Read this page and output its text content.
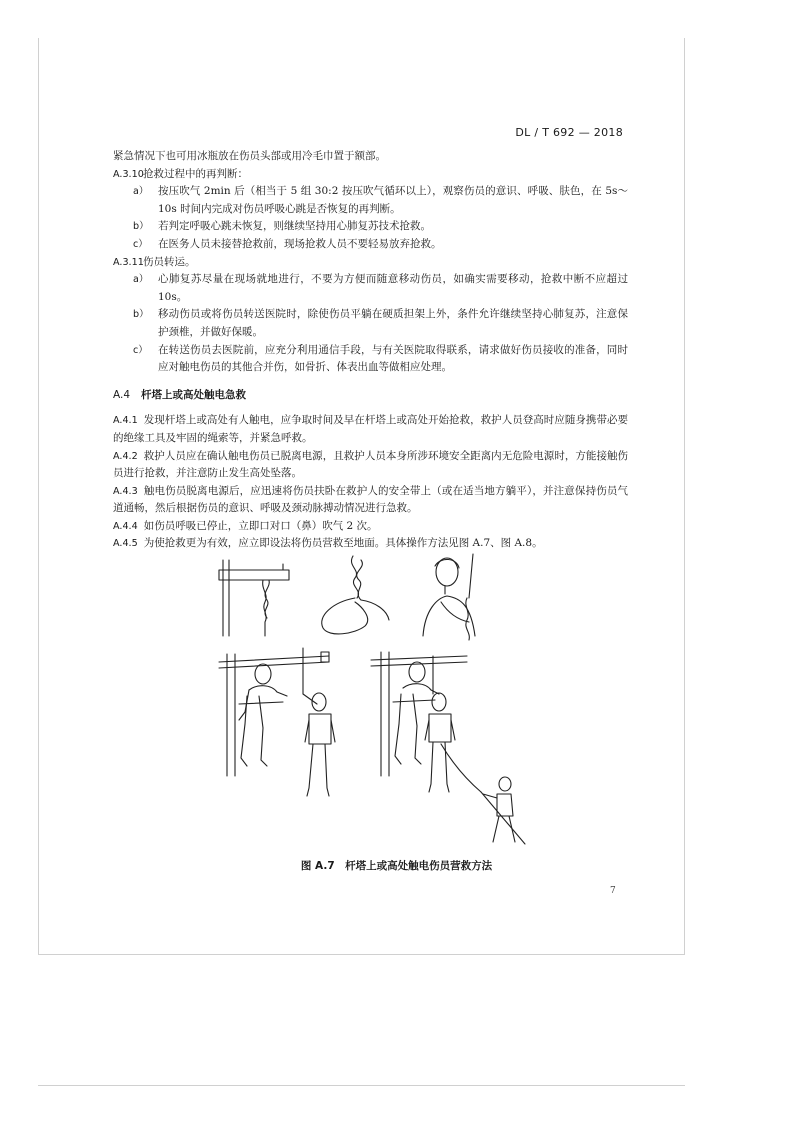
DL / T 692 — 2018

紧急情况下也可用冰瓶放在伤员头部或用冷毛巾置于额部。

A.3.10抢救过程中的再判断：

a） 按压吹气 2min 后（相当于 5 组 30:2 按压吹气循环以上），观察伤员的意识、呼吸、肤色，在 5s～10s 时间内完成对伤员呼吸心跳是否恢复的再判断。

b） 若判定呼吸心跳未恢复，则继续坚持用心肺复苏技术抢救。

c） 在医务人员未接替抢救前，现场抢救人员不要轻易放弃抢救。

A.3.11伤员转运。

a） 心肺复苏尽量在现场就地进行，不要为方便而随意移动伤员，如确实需要移动，抢救中断不应超过 10s。

b） 移动伤员或将伤员转送医院时，除使伤员平躺在硬质担架上外，条件允许继续坚持心肺复苏，注意保护颈椎，并做好保暖。

c） 在转送伤员去医院前，应充分利用通信手段，与有关医院取得联系，请求做好伤员接收的准备，同时应对触电伤员的其他合并伤，如骨折、体表出血等做相应处理。

A.4 杆塔上或高处触电急救

A.4.1 发现杆塔上或高处有人触电，应争取时间及早在杆塔上或高处开始抢救，救护人员登高时应随身携带必要的绝缘工具及牢固的绳索等，并紧急呼救。

A.4.2 救护人员应在确认触电伤员已脱离电源，且救护人员本身所涉环境安全距离内无危险电源时，方能接触伤员进行抢救，并注意防止发生高处坠落。

A.4.3 触电伤员脱离电源后，应迅速将伤员扶卧在救护人的安全带上（或在适当地方躺平），并注意保持伤员气道通畅，然后根据伤员的意识、呼吸及颈动脉搏动情况进行急救。

A.4.4 如伤员呼吸已停止，立即口对口（鼻）吹气 2 次。

A.4.5 为使抢救更为有效，应立即设法将伤员营救至地面。具体操作方法见图 A.7、图 A.8。

图 A.7　杆塔上或高处触电伤员营救方法
7
